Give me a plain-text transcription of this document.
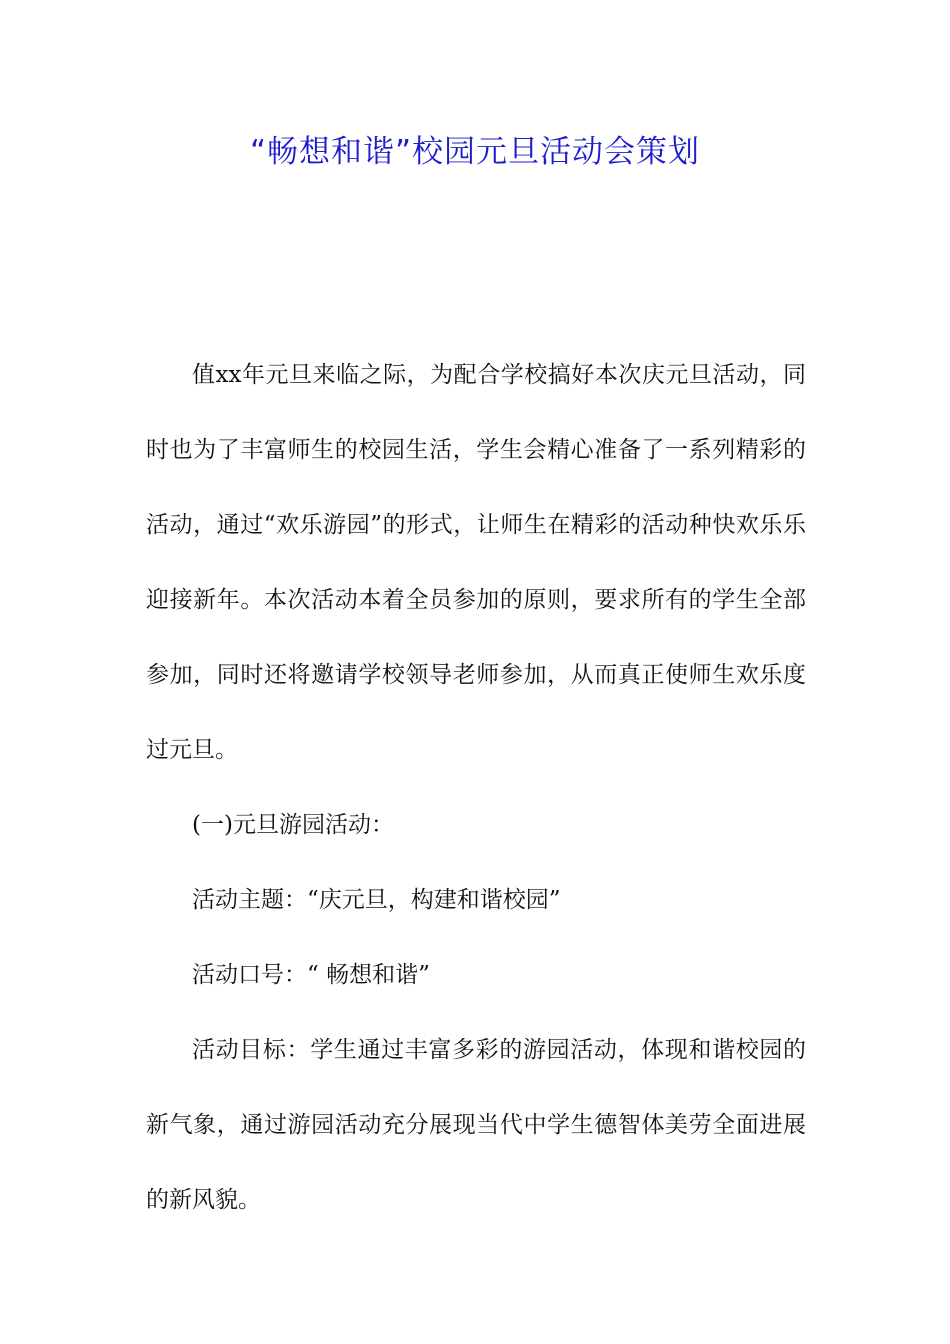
“畅想和谐”校园元旦活动会策划

值xx年元旦来临之际，为配合学校搞好本次庆元旦活动，同时也为了丰富师生的校园生活，学生会精心准备了一系列精彩的活动，通过“欢乐游园”的形式，让师生在精彩的活动种快欢乐乐迎接新年。本次活动本着全员参加的原则，要求所有的学生全部参加，同时还将邀请学校领导老师参加，从而真正使师生欢乐度过元旦。

(一)元旦游园活动：

活动主题：“庆元旦，构建和谐校园”

活动口号：“ 畅想和谐”

活动目标：学生通过丰富多彩的游园活动，体现和谐校园的新气象，通过游园活动充分展现当代中学生德智体美劳全面进展的新风貌。
